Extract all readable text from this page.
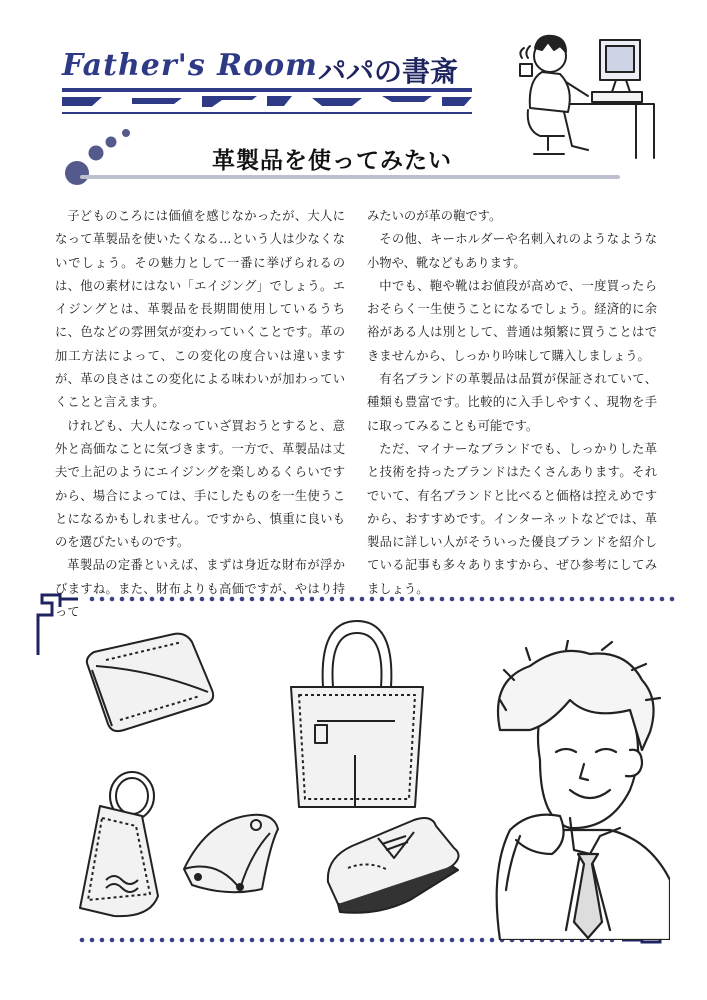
Father's Room パパの書斎
革製品を使ってみたい

子どものころには価値を感じなかったが、大人になって革製品を使いたくなる…という人は少なくないでしょう。その魅力として一番に挙げられるのは、他の素材にはない「エイジング」でしょう。エイジングとは、革製品を長期間使用しているうちに、色などの雰囲気が変わっていくことです。革の加工方法によって、この変化の度合いは違いますが、革の良さはこの変化による味わいが加わっていくことと言えます。

けれども、大人になっていざ買おうとすると、意外と高価なことに気づきます。一方で、革製品は丈夫で上記のようにエイジングを楽しめるくらいですから、場合によっては、手にしたものを一生使うことになるかもしれません。ですから、慎重に良いものを選びたいものです。

革製品の定番といえば、まずは身近な財布が浮かびますね。また、財布よりも高価ですが、やはり持って

みたいのが革の鞄です。

その他、キーホルダーや名刺入れのようなような小物や、靴などもあります。

中でも、鞄や靴はお値段が高めで、一度買ったらおそらく一生使うことになるでしょう。経済的に余裕がある人は別として、普通は頻繁に買うことはできませんから、しっかり吟味して購入しましょう。

有名ブランドの革製品は品質が保証されていて、種類も豊富です。比較的に入手しやすく、現物を手に取ってみることも可能です。

ただ、マイナーなブランドでも、しっかりした革と技術を持ったブランドはたくさんあります。それでいて、有名ブランドと比べると価格は控えめですから、おすすめです。インターネットなどでは、革製品に詳しい人がそういった優良ブランドを紹介している記事も多々ありますから、ぜひ参考にしてみましょう。
